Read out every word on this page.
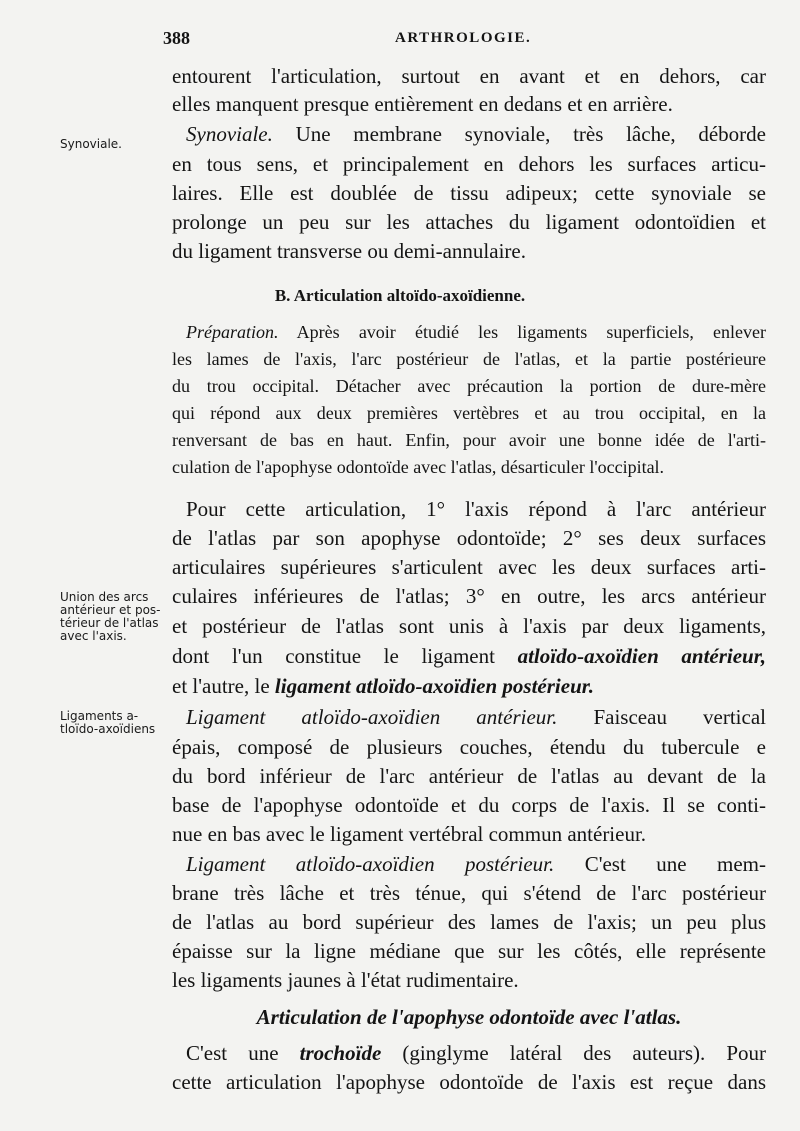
⠀
388	ARTHROLOGIE.
Synoviale.
Union des arcs
antérieur et pos-
térieur de l'atlas
avec l'axis.
Ligaments a-
tloïdo-axoïdiens
entourent l'articulation, surtout en avant et en dehors, car
elles manquent presque entièrement en dedans et en arrière.
Synoviale. Une membrane synoviale, très lâche, déborde
en tous sens, et principalement en dehors les surfaces articu-
laires. Elle est doublée de tissu adipeux; cette synoviale se
prolonge un peu sur les attaches du ligament odontoïdien et
du ligament transverse ou demi-annulaire.
B. Articulation altoïdo-axoïdienne.
Préparation. Après avoir étudié les ligaments superficiels, enlever
les lames de l'axis, l'arc postérieur de l'atlas, et la partie postérieure
du trou occipital. Détacher avec précaution la portion de dure-mère
qui répond aux deux premières vertèbres et au trou occipital, en la
renversant de bas en haut. Enfin, pour avoir une bonne idée de l'arti-
culation de l'apophyse odontoïde avec l'atlas, désarticuler l'occipital.
Pour cette articulation, 1° l'axis répond à l'arc antérieur
de l'atlas par son apophyse odontoïde; 2° ses deux surfaces
articulaires supérieures s'articulent avec les deux surfaces arti-
culaires inférieures de l'atlas; 3° en outre, les arcs antérieur
et postérieur de l'atlas sont unis à l'axis par deux ligaments,
dont l'un constitue le ligament atloïdo-axoïdien antérieur,
et l'autre, le ligament atloïdo-axoïdien postérieur.
Ligament atloïdo-axoïdien antérieur. Faisceau vertical
épais, composé de plusieurs couches, étendu du tubercule e
du bord inférieur de l'arc antérieur de l'atlas au devant de la
base de l'apophyse odontoïde et du corps de l'axis. Il se conti-
nue en bas avec le ligament vertébral commun antérieur.
Ligament atloïdo-axoïdien postérieur. C'est une mem-
brane très lâche et très ténue, qui s'étend de l'arc postérieur
de l'atlas au bord supérieur des lames de l'axis; un peu plus
épaisse sur la ligne médiane que sur les côtés, elle représente
les ligaments jaunes à l'état rudimentaire.
Articulation de l'apophyse odontoïde avec l'atlas.
C'est une trochoïde (ginglyme latéral des auteurs). Pour
cette articulation l'apophyse odontoïde de l'axis est reçue dans
